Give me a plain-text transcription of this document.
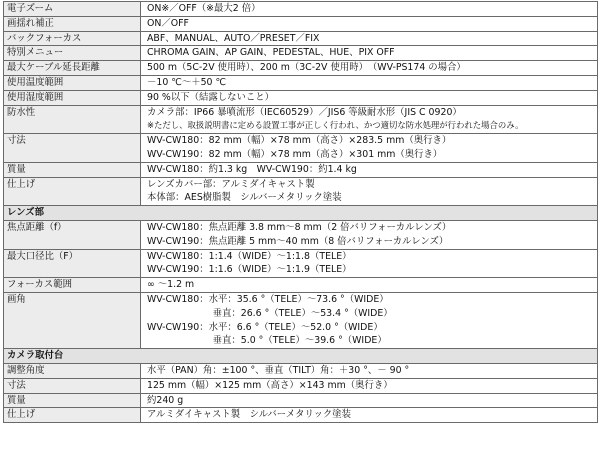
電子ズーム	ON※／OFF（※最大2 倍）

画揺れ補正	ON／OFF

バックフォーカス	ABF、MANUAL、AUTO／PRESET／FIX

特別メニュー	CHROMA GAIN、AP GAIN、PEDESTAL、HUE、PIX OFF

最大ケーブル延長距離	500 m（5C-2V 使用時）、200 m（3C-2V 使用時）　（WV-PS174 の場合）

使用温度範囲	－10 ℃～＋50 ℃

使用湿度範囲	90 %以下（結露しないこと）

防水性	カメラ部：IP66 暴噴流形（IEC60529）／JIS6 等級耐水形（JIS C 0920）
※ただし、取扱説明書に定める設置工事が正しく行われ、かつ適切な防水処理が行われた場合のみ。

寸法	WV-CW180：82 mm（幅）×78 mm（高さ）×283.5 mm（奥行き）
WV-CW190：82 mm（幅）×78 mm（高さ）×301 mm（奥行き）

質量	WV-CW180：約1.3 kg　WV-CW190：約1.4 kg

仕上げ	レンズカバー部：アルミダイキャスト製
本体部：AES樹脂製　シルバーメタリック塗装

レンズ部	
焦点距離（f）	WV-CW180：焦点距離 3.8 mm～8 mm（2 倍バリフォーカルレンズ）
WV-CW190：焦点距離 5 mm～40 mm（8 倍バリフォーカルレンズ）

最大口径比（F）	WV-CW180：1:1.4（WIDE）～1:1.8（TELE）
WV-CW190：1:1.6（WIDE）～1:1.9（TELE）

フォーカス範囲	∞ ～1.2 m

画角	WV-CW180：水平：35.6 °（TELE）～73.6 °（WIDE）
　　　　　　　垂直：26.6 °（TELE）～53.4 °（WIDE）
WV-CW190：水平：6.6 °（TELE）～52.0 °（WIDE）
　　　　　　　垂直：5.0 °（TELE）～39.6 °（WIDE）

カメラ取付台	
調整角度	水平（PAN）角：±100 °、垂直（TILT）角：＋30 °、－ 90 °

寸法	125 mm（幅）×125 mm（高さ）×143 mm（奥行き）

質量	約240 g

仕上げ	アルミダイキャスト製　シルバーメタリック塗装
